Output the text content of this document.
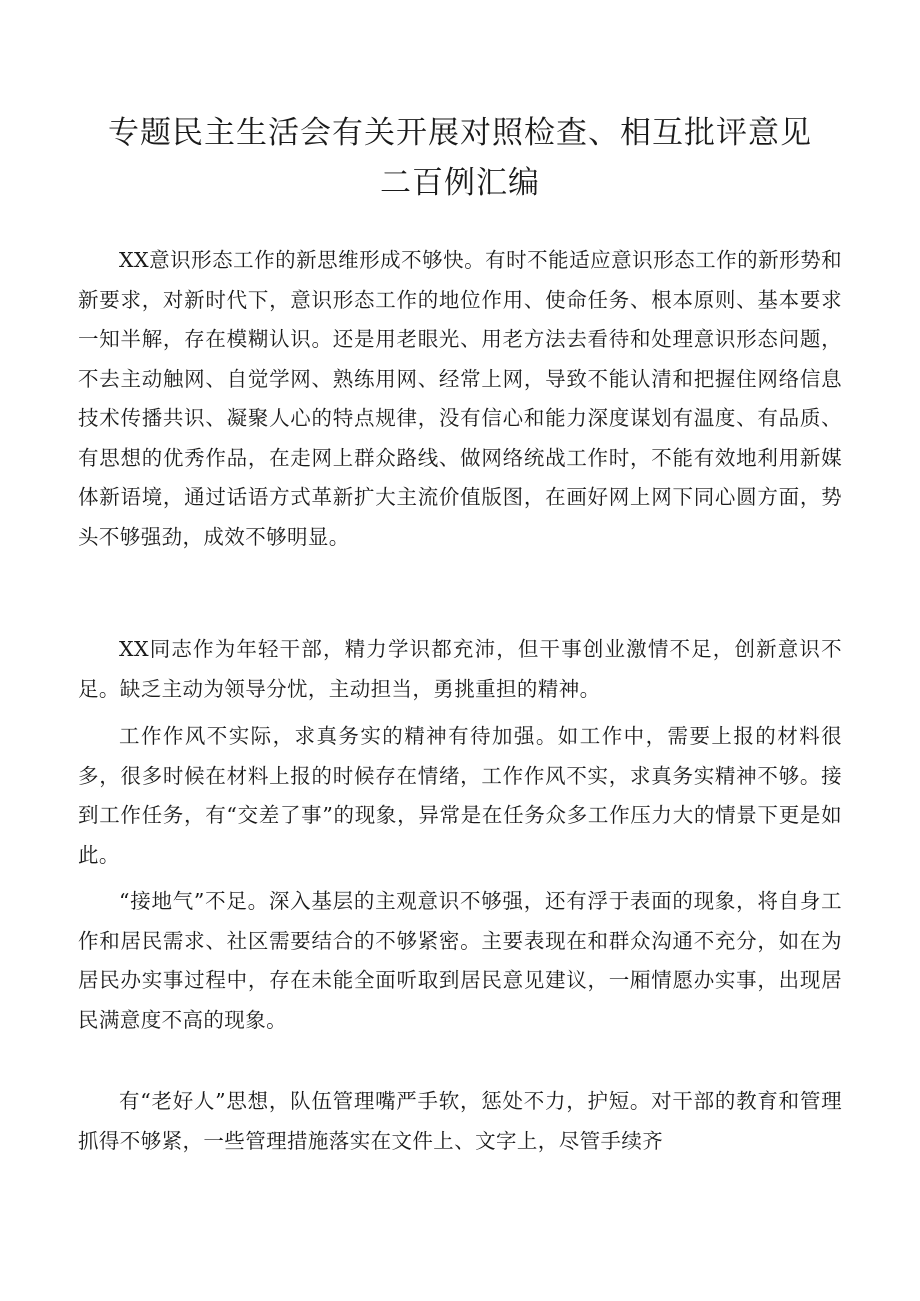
专题民主生活会有关开展对照检查、相互批评意见
二百例汇编

XX意识形态工作的新思维形成不够快。有时不能适应意识形态工作的新形势和新要求，对新时代下，意识形态工作的地位作用、使命任务、根本原则、基本要求一知半解，存在模糊认识。还是用老眼光、用老方法去看待和处理意识形态问题，不去主动触网、自觉学网、熟练用网、经常上网，导致不能认清和把握住网络信息技术传播共识、凝聚人心的特点规律，没有信心和能力深度谋划有温度、有品质、有思想的优秀作品，在走网上群众路线、做网络统战工作时，不能有效地利用新媒体新语境，通过话语方式革新扩大主流价值版图，在画好网上网下同心圆方面，势头不够强劲，成效不够明显。

XX同志作为年轻干部，精力学识都充沛，但干事创业激情不足，创新意识不足。缺乏主动为领导分忧，主动担当，勇挑重担的精神。

工作作风不实际，求真务实的精神有待加强。如工作中，需要上报的材料很多，很多时候在材料上报的时候存在情绪，工作作风不实，求真务实精神不够。接到工作任务，有“交差了事”的现象，异常是在任务众多工作压力大的情景下更是如此。

“接地气”不足。深入基层的主观意识不够强，还有浮于表面的现象，将自身工作和居民需求、社区需要结合的不够紧密。主要表现在和群众沟通不充分，如在为居民办实事过程中，存在未能全面听取到居民意见建议，一厢情愿办实事，出现居民满意度不高的现象。

有“老好人”思想，队伍管理嘴严手软，惩处不力，护短。对干部的教育和管理抓得不够紧，一些管理措施落实在文件上、文字上，尽管手续齐
